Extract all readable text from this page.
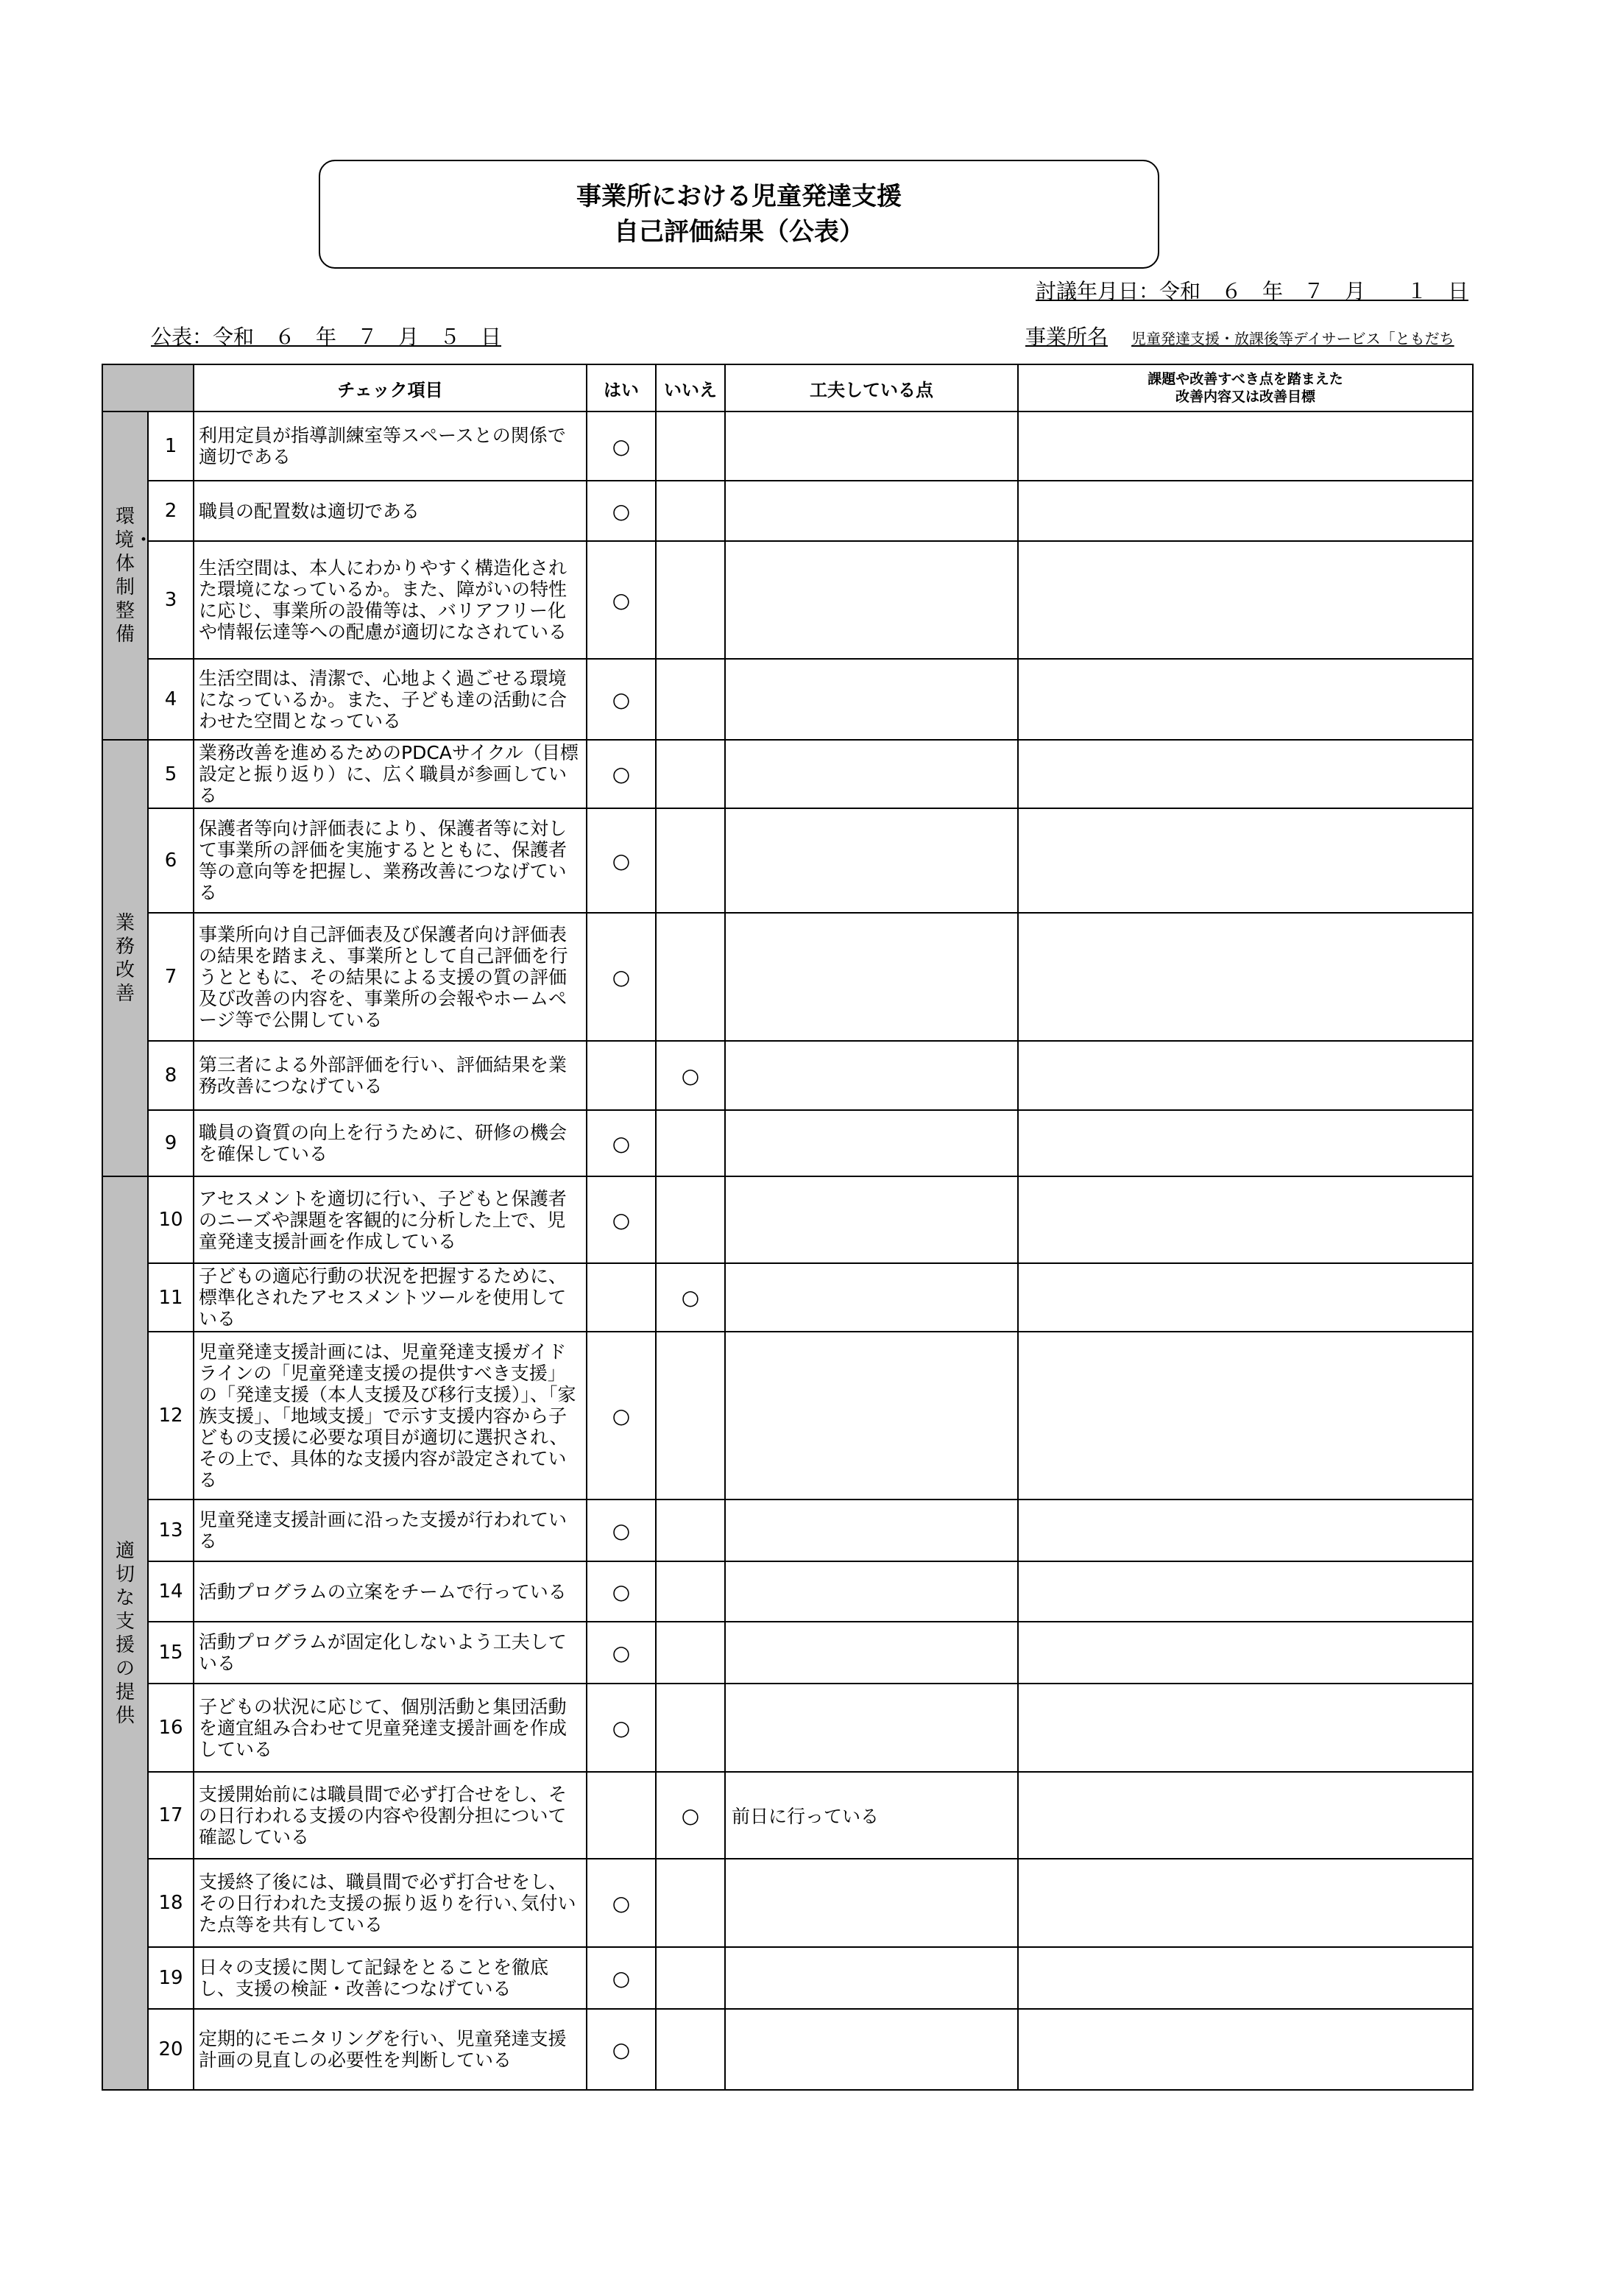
事業所における児童発達支援
自己評価結果（公表）
討議年月日：令和　６　年　７　月　　１　日
公表：令和　６　年　７　月　５　日	事業所名 児童発達支援・放課後等デイサービス「ともだち
		チェック項目	はい	いいえ	工夫している点	課題や改善すべき点を踏まえた
改善内容又は改善目標
環境・体制整備	1	利用定員が指導訓練室等スペースとの関係で適切である	○			
	2	職員の配置数は適切である	○			
	3	生活空間は、本人にわかりやすく構造化された環境になっているか。また、障がいの特性に応じ、事業所の設備等は、バリアフリー化や情報伝達等への配慮が適切になされている	○			
	4	生活空間は、清潔で、心地よく過ごせる環境になっているか。また、子ども達の活動に合わせた空間となっている	○			
業務改善	5	業務改善を進めるためのPDCAサイクル（目標設定と振り返り）に、広く職員が参画している	○			
	6	保護者等向け評価表により、保護者等に対して事業所の評価を実施するとともに、保護者等の意向等を把握し、業務改善につなげている	○			
	7	事業所向け自己評価表及び保護者向け評価表の結果を踏まえ、事業所として自己評価を行うとともに、その結果による支援の質の評価及び改善の内容を、事業所の会報やホームページ等で公開している	○			
	8	第三者による外部評価を行い、評価結果を業務改善につなげている		○		
	9	職員の資質の向上を行うために、研修の機会を確保している	○			
適切な支援の提供	10	アセスメントを適切に行い、子どもと保護者のニーズや課題を客観的に分析した上で、児童発達支援計画を作成している	○			
	11	子どもの適応行動の状況を把握するために、標準化されたアセスメントツールを使用している		○		
	12	児童発達支援計画には、児童発達支援ガイドラインの「児童発達支援の提供すべき支援」の「発達支援（本人支援及び移行支援）」、「家族支援」、「地域支援」で示す支援内容から子どもの支援に必要な項目が適切に選択され、その上で、具体的な支援内容が設定されている	○			
	13	児童発達支援計画に沿った支援が行われている	○			
	14	活動プログラムの立案をチームで行っている	○			
	15	活動プログラムが固定化しないよう工夫している	○			
	16	子どもの状況に応じて、個別活動と集団活動を適宜組み合わせて児童発達支援計画を作成している	○			
	17	支援開始前には職員間で必ず打合せをし、その日行われる支援の内容や役割分担について確認している		○	前日に行っている	
	18	支援終了後には、職員間で必ず打合せをし、その日行われた支援の振り返りを行い､気付いた点等を共有している	○			
	19	日々の支援に関して記録をとることを徹底し、支援の検証・改善につなげている	○			
	20	定期的にモニタリングを行い、児童発達支援計画の見直しの必要性を判断している	○			
